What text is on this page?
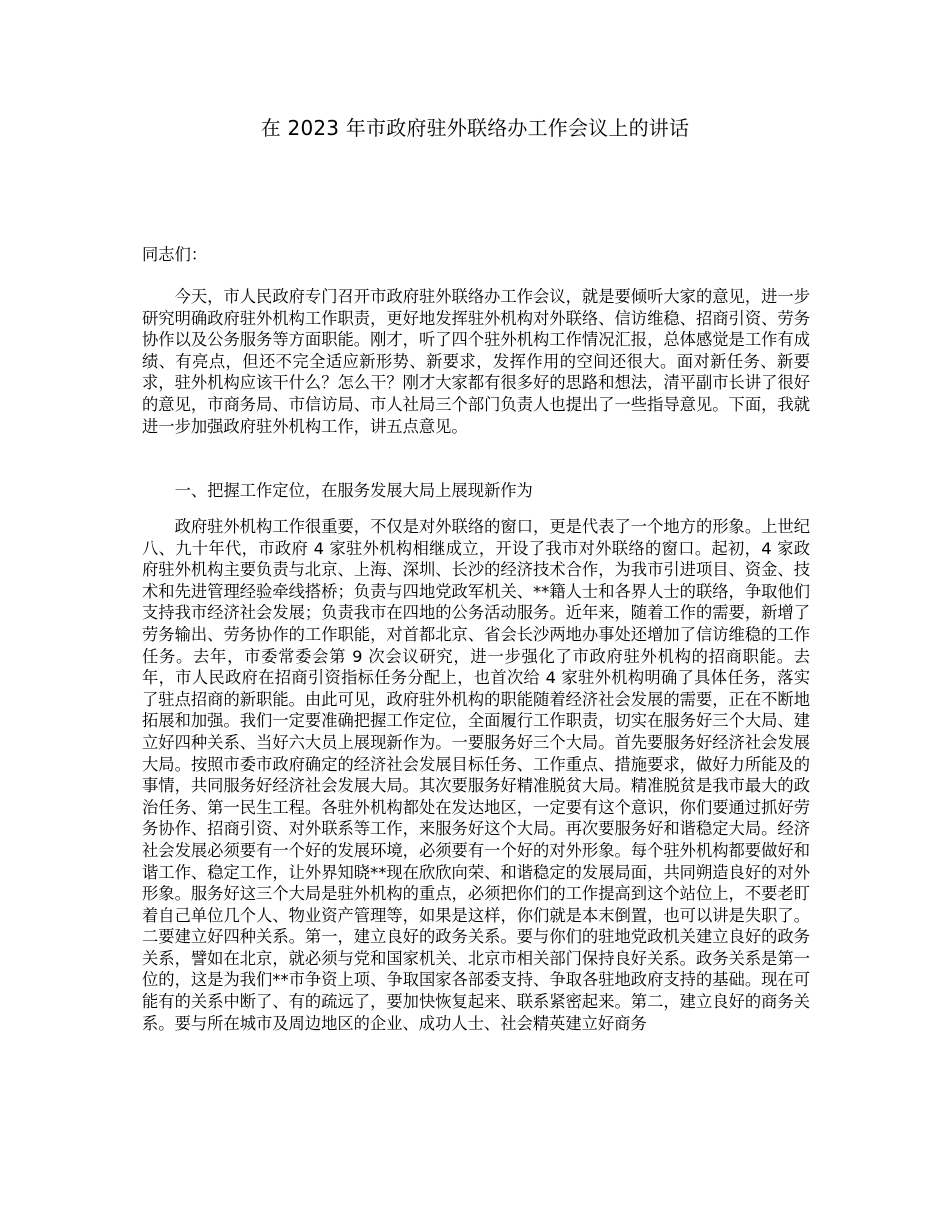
在 2023 年市政府驻外联络办工作会议上的讲话

同志们：

今天，市人民政府专门召开市政府驻外联络办工作会议，就是要倾听大家的意见，进一步研究明确政府驻外机构工作职责，更好地发挥驻外机构对外联络、信访维稳、招商引资、劳务协作以及公务服务等方面职能。刚才，听了四个驻外机构工作情况汇报，总体感觉是工作有成绩、有亮点，但还不完全适应新形势、新要求，发挥作用的空间还很大。面对新任务、新要求，驻外机构应该干什么？怎么干？刚才大家都有很多好的思路和想法，清平副市长讲了很好的意见，市商务局、市信访局、市人社局三个部门负责人也提出了一些指导意见。下面，我就进一步加强政府驻外机构工作，讲五点意见。

一、把握工作定位，在服务发展大局上展现新作为

政府驻外机构工作很重要，不仅是对外联络的窗口，更是代表了一个地方的形象。上世纪八、九十年代，市政府 4 家驻外机构相继成立，开设了我市对外联络的窗口。起初，4 家政府驻外机构主要负责与北京、上海、深圳、长沙的经济技术合作，为我市引进项目、资金、技术和先进管理经验牵线搭桥；负责与四地党政军机关、**籍人士和各界人士的联络，争取他们支持我市经济社会发展；负责我市在四地的公务活动服务。近年来，随着工作的需要，新增了劳务输出、劳务协作的工作职能，对首都北京、省会长沙两地办事处还增加了信访维稳的工作任务。去年，市委常委会第 9 次会议研究，进一步强化了市政府驻外机构的招商职能。去年，市人民政府在招商引资指标任务分配上，也首次给 4 家驻外机构明确了具体任务，落实了驻点招商的新职能。由此可见，政府驻外机构的职能随着经济社会发展的需要，正在不断地拓展和加强。我们一定要准确把握工作定位，全面履行工作职责，切实在服务好三个大局、建立好四种关系、当好六大员上展现新作为。一要服务好三个大局。首先要服务好经济社会发展大局。按照市委市政府确定的经济社会发展目标任务、工作重点、措施要求，做好力所能及的事情，共同服务好经济社会发展大局。其次要服务好精准脱贫大局。精准脱贫是我市最大的政治任务、第一民生工程。各驻外机构都处在发达地区，一定要有这个意识，你们要通过抓好劳务协作、招商引资、对外联系等工作，来服务好这个大局。再次要服务好和谐稳定大局。经济社会发展必须要有一个好的发展环境，必须要有一个好的对外形象。每个驻外机构都要做好和谐工作、稳定工作，让外界知晓**现在欣欣向荣、和谐稳定的发展局面，共同朔造良好的对外形象。服务好这三个大局是驻外机构的重点，必须把你们的工作提高到这个站位上，不要老盯着自己单位几个人、物业资产管理等，如果是这样，你们就是本末倒置，也可以讲是失职了。二要建立好四种关系。第一，建立良好的政务关系。要与你们的驻地党政机关建立良好的政务关系，譬如在北京，就必须与党和国家机关、北京市相关部门保持良好关系。政务关系是第一位的，这是为我们**市争资上项、争取国家各部委支持、争取各驻地政府支持的基础。现在可能有的关系中断了、有的疏远了，要加快恢复起来、联系紧密起来。第二，建立良好的商务关系。要与所在城市及周边地区的企业、成功人士、社会精英建立好商务
